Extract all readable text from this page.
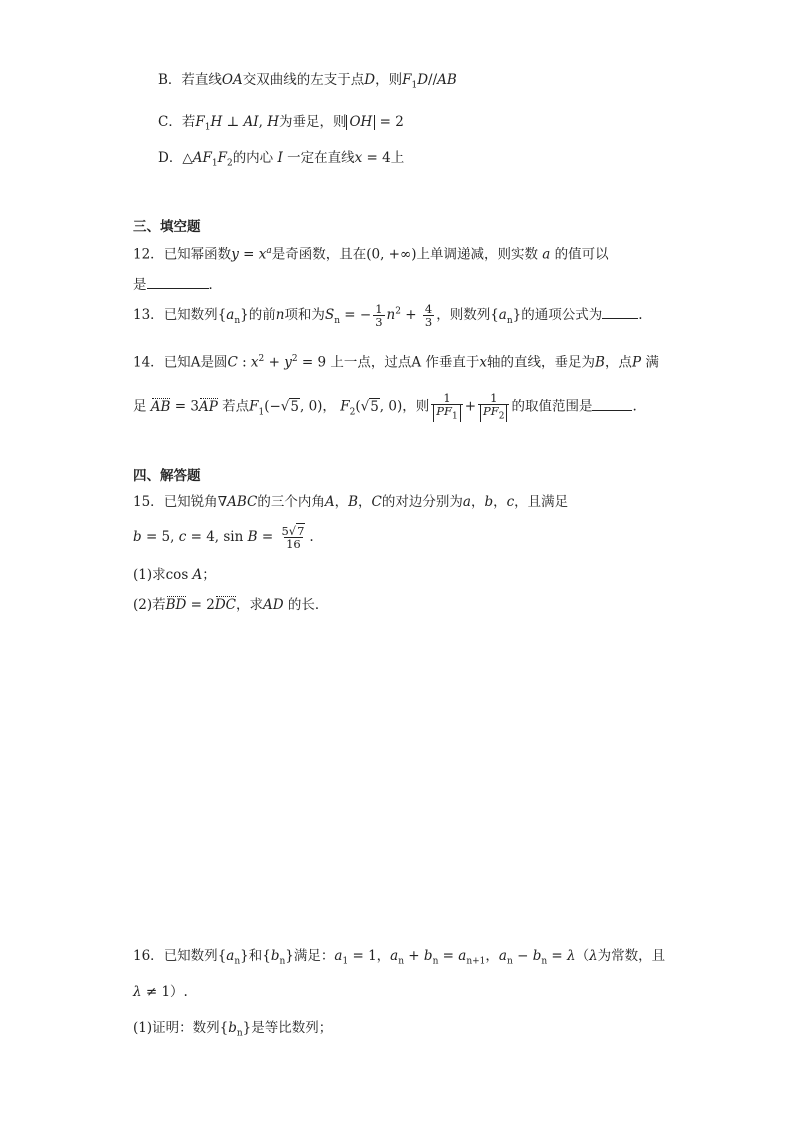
B．若直线OA交双曲线的左支于点D，则$F_1D//AB$
C．若$F_1H$ ⊥ AI, H为垂足，则 OH = 2
D．$\triangle AF_1F_2$的内心 I 一定在直线x = 4上
三、填空题
12．已知幂函数$y = x^a$是奇函数，且在(0, +∞)上单调递减，则实数 a 的值可以
是	．
13．已知数列$\{a_n\}$的前n项和为$S_n$ = − $\frac{1}{3} n^2 + \frac{4}{3}$ ，则数列$\{a_n\}$的通项公式为	.
14．已知A是圆C : $x^2 + y^2 = 9$ 上一点，过点A 作垂直于x轴的直线，垂足为B，点P 满
足 AB = 3AP 若点$F_1(-√5$, 0)， $F_2(√5$, 0)，则 $\frac{1}{PF_1} + \frac{1}{PF_2}$ 的取值范围是	.
四、解答题
15．已知锐角∇ABC的三个内角A，B，C的对边分别为a，b，c，且满足
b = 5, c = 4, $\sin B = \frac{5√7}{16}$ .
(1)求cos A；
(2)若BD = 2DC，求AD 的长．
16．已知数列$\{a_n\}$和$\{b_n\}$满足：$a_1 = 1$，$a_n + b_n = a_{n+1}$，$a_n - b_n = \lambda(\lambda$为常数，且
λ ≠ 1）.
(1)证明：数列$\{b_n\}$是等比数列；
